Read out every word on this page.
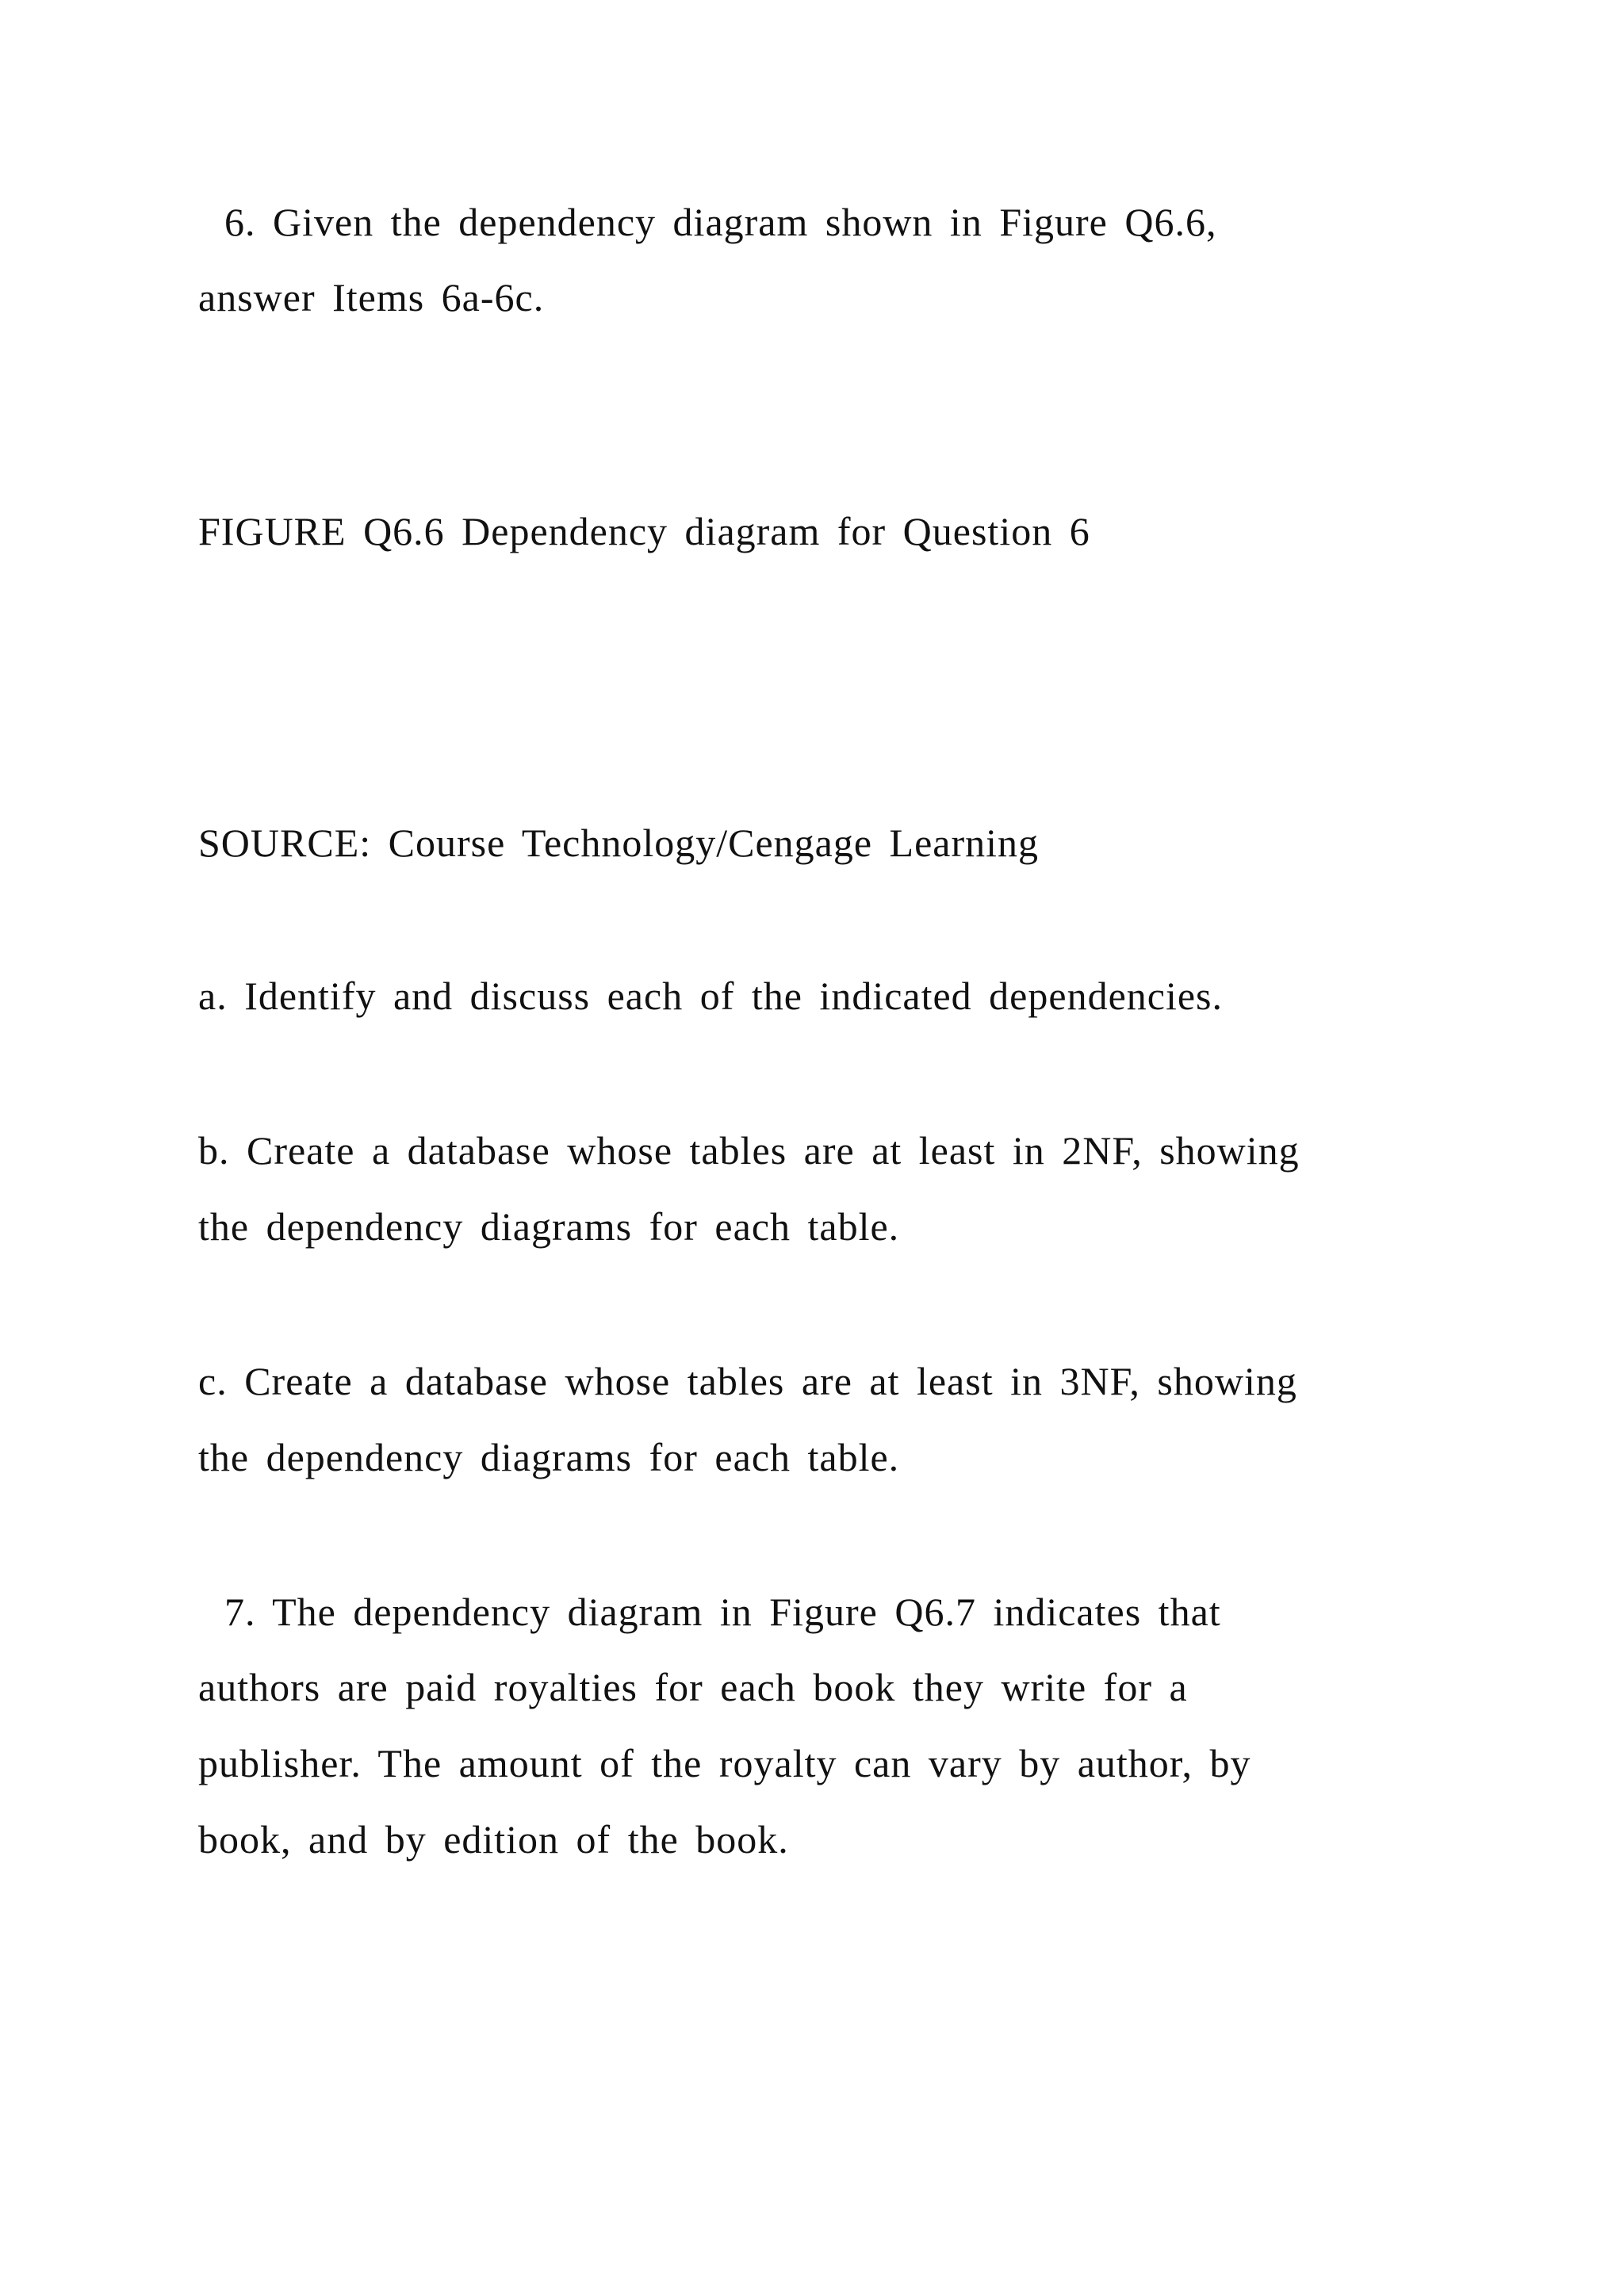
6. Given the dependency diagram shown in Figure Q6.6,
answer Items 6a-6c.
FIGURE Q6.6 Dependency diagram for Question 6
SOURCE: Course Technology/Cengage Learning
a. Identify and discuss each of the indicated dependencies.
b. Create a database whose tables are at least in 2NF, showing
the dependency diagrams for each table.
c. Create a database whose tables are at least in 3NF, showing
the dependency diagrams for each table.
7. The dependency diagram in Figure Q6.7 indicates that
authors are paid royalties for each book they write for a
publisher. The amount of the royalty can vary by author, by
book, and by edition of the book.
